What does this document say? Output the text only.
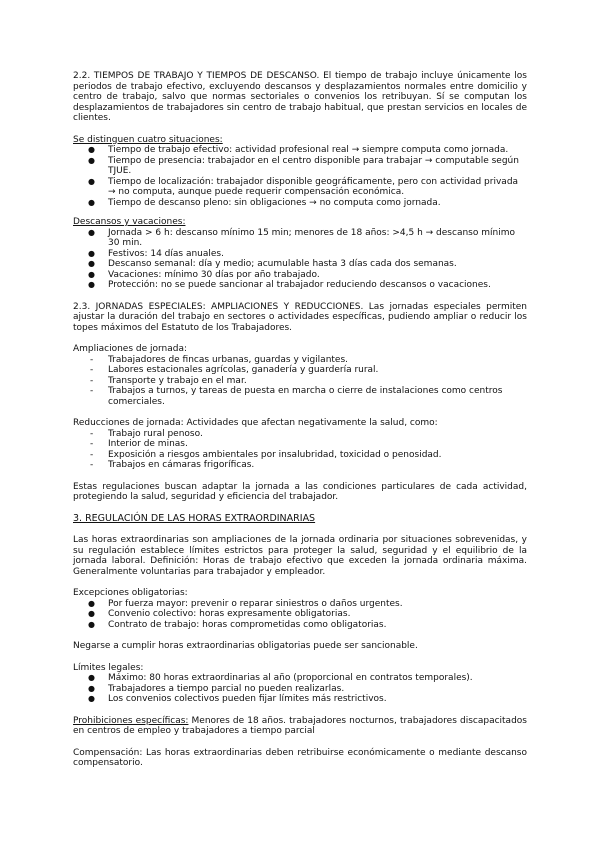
2.2. TIEMPOS DE TRABAJO Y TIEMPOS DE DESCANSO. El tiempo de trabajo incluye únicamente los periodos de trabajo efectivo, excluyendo descansos y desplazamientos normales entre domicilio y centro de trabajo, salvo que normas sectoriales o convenios los retribuyan. Sí se computan los desplazamientos de trabajadores sin centro de trabajo habitual, que prestan servicios en locales de clientes.

Se distinguen cuatro situaciones:

● Tiempo de trabajo efectivo: actividad profesional real → siempre computa como jornada.
● Tiempo de presencia: trabajador en el centro disponible para trabajar → computable según TJUE.
● Tiempo de localización: trabajador disponible geográficamente, pero con actividad privada → no computa, aunque puede requerir compensación económica.
● Tiempo de descanso pleno: sin obligaciones → no computa como jornada.

Descansos y vacaciones:

● Jornada > 6 h: descanso mínimo 15 min; menores de 18 años: >4,5 h → descanso mínimo 30 min.
● Festivos: 14 días anuales.
● Descanso semanal: día y medio; acumulable hasta 3 días cada dos semanas.
● Vacaciones: mínimo 30 días por año trabajado.
● Protección: no se puede sancionar al trabajador reduciendo descansos o vacaciones.

2.3. JORNADAS ESPECIALES: AMPLIACIONES Y REDUCCIONES. Las jornadas especiales permiten ajustar la duración del trabajo en sectores o actividades específicas, pudiendo ampliar o reducir los topes máximos del Estatuto de los Trabajadores.

Ampliaciones de jornada:

- Trabajadores de fincas urbanas, guardas y vigilantes.
- Labores estacionales agrícolas, ganadería y guardería rural.
- Transporte y trabajo en el mar.
- Trabajos a turnos, y tareas de puesta en marcha o cierre de instalaciones como centros comerciales.

Reducciones de jornada: Actividades que afectan negativamente la salud, como:

- Trabajo rural penoso.
- Interior de minas.
- Exposición a riesgos ambientales por insalubridad, toxicidad o penosidad.
- Trabajos en cámaras frigoríficas.

Estas regulaciones buscan adaptar la jornada a las condiciones particulares de cada actividad, protegiendo la salud, seguridad y eficiencia del trabajador.

3. REGULACIÓN DE LAS HORAS EXTRAORDINARIAS

Las horas extraordinarias son ampliaciones de la jornada ordinaria por situaciones sobrevenidas, y su regulación establece límites estrictos para proteger la salud, seguridad y el equilibrio de la jornada laboral. Definición: Horas de trabajo efectivo que exceden la jornada ordinaria máxima. Generalmente voluntarias para trabajador y empleador.

Excepciones obligatorias:

● Por fuerza mayor: prevenir o reparar siniestros o daños urgentes.
● Convenio colectivo: horas expresamente obligatorias.
● Contrato de trabajo: horas comprometidas como obligatorias.

Negarse a cumplir horas extraordinarias obligatorias puede ser sancionable.

Límites legales:

● Máximo: 80 horas extraordinarias al año (proporcional en contratos temporales).
● Trabajadores a tiempo parcial no pueden realizarlas.
● Los convenios colectivos pueden fijar límites más restrictivos.

Prohibiciones específicas: Menores de 18 años. trabajadores nocturnos, trabajadores discapacitados en centros de empleo y trabajadores a tiempo parcial

Compensación: Las horas extraordinarias deben retribuirse económicamente o mediante descanso compensatorio.
